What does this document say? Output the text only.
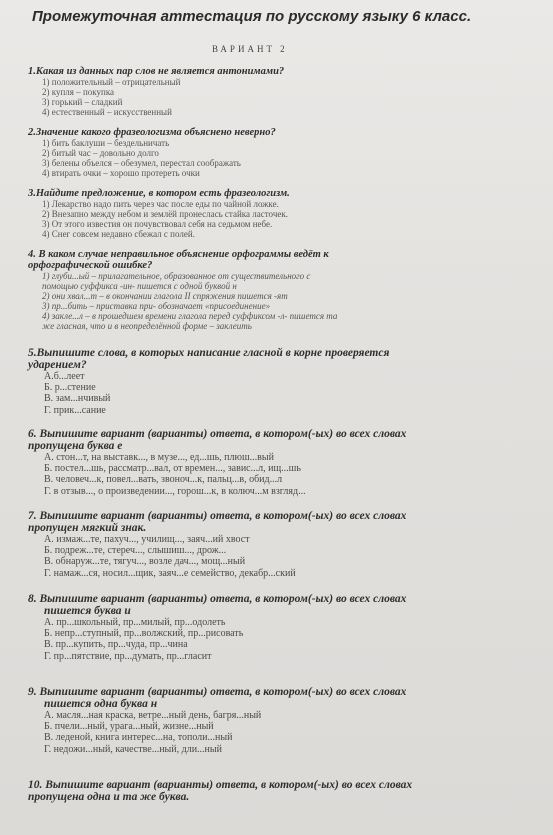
Промежуточная аттестация по русскому языку 6 класс.
ВАРИАНТ 2
1.Какая из данных пар слов не является антонимами?
1) положительный – отрицательный
2) купля – покупка
3) горький – сладкий
4) естественный – искусственный
2.Значение какого фразеологизма объяснено неверно?
1) бить баклуши – бездельничать
2) битый час – довольно долго
3) белены объелся – обезумел, перестал соображать
4) втирать очки – хорошо протереть очки
3.Найдите предложение, в котором есть фразеологизм.
1) Лекарство надо пить через час после еды по чайной ложке.
2) Внезапно между небом и землёй пронеслась стайка ласточек.
3) От этого известия он почувствовал себя на седьмом небе.
4) Снег совсем недавно сбежал с полей.
4. В каком случае неправильное объяснение орфограммы ведёт к
орфографической ошибке?
1) глуби...ый – прилагательное, образованное от существительного с
помощью суффикса -ин- пишется с одной буквой н
2) они хвал...т – в окончании глагола II спряжения пишется -ят
3) пр...бить – приставка при- обозначает «присоединение»
4) закле...л – в прошедшем времени глагола перед суффиксом -л- пишется та
же гласная, что и в неопределённой форме – заклеить
5.Выпишите слова, в которых написание гласной в корне проверяется
ударением?
А.б...леет
Б. р...стение
В. зам...нчивый
Г. прик...сание
6. Выпишите вариант (варианты) ответа, в котором(-ых) во всех словах
пропущена буква е
А. стон...т, на выставк..., в музе..., ед...шь, плюш...вый
Б. постел...шь, рассматр...вал, от времен..., завис...л, ищ...шь
В. человеч...к, повел...вать, звоноч...к, пальц...в, обид...л
Г. в отзыв..., о произведении..., горош...к, в колюч...м взгляд...
7. Выпишите вариант (варианты) ответа, в котором(-ых) во всех словах
пропущен мягкий знак.
А. измаж...те, пахуч..., училищ..., заяч...ий хвост
Б. подреж...те, стереч..., слышиш..., дрож...
В. обнаруж...те, тягуч..., возле дач..., мощ...ный
Г. намаж...ся, носил...щик, заяч...е семейство, декабр...ский
8. Выпишите вариант (варианты) ответа, в котором(-ых) во всех словах
пишется буква и
А. пр...школьный, пр...милый, пр...одолеть
Б. непр...ступный, пр...волжский, пр...рисовать
В. пр...купить, пр...чуда, пр...чина
Г. пр...пятствие, пр...думать, пр...гласит
9. Выпишите вариант (варианты) ответа, в котором(-ых) во всех словах
пишется одна буква н
А. масля...ная краска, ветре...ный день, багря...ный
Б. пчели...ный, урага...ный, жизне...ный
В. леденой, книга интерес...на, тополи...ный
Г. недожи...ный, качестве...ный, дли...ный
10. Выпишите вариант (варианты) ответа, в котором(-ых) во всех словах
пропущена одна и та же буква.
